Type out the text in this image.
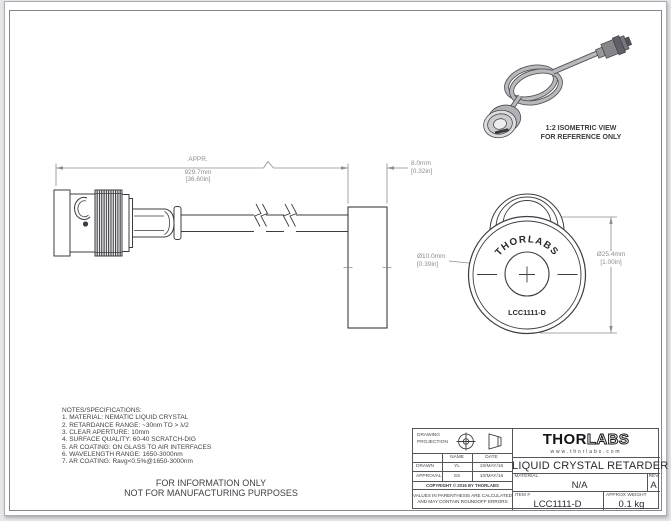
THORLABS
LCC1111-D
APPR.
929.7mm
[36.60in]
8.0mm
[0.32in]
Ø10.0mm
[0.39in]
Ø25.4mm
[1.00in]
1:2 ISOMETRIC VIEW
FOR REFERENCE ONLY
NOTES/SPECIFICATIONS:
1. MATERIAL: NEMATIC LIQUID CRYSTAL
2. RETARDANCE RANGE: ~30nm TO > λ/2
3. CLEAR APERTURE: 10mm
4. SURFACE QUALITY: 60-40 SCRATCH-DIG
5. AR COATING: ON GLASS TO AIR INTERFACES
6. WAVELENGTH RANGE: 1650-3000nm
7. AR COATING: Ravg<0.5%@1650-3000nm
FOR INFORMATION ONLY
NOT FOR MANUFACTURING PURPOSES
DRAWING
PROJECTION
NAME	DATE
DRAWN	YL	10/MAY/16
APPROVAL	SS	10/MAY/16
COPYRIGHT © 2016 BY THORLABS
VALUES IN PARENTHESIS ARE CALCULATED
AND MAY CONTAIN ROUNDOFF ERRORS
THORLABS
www.thorlabs.com
LIQUID CRYSTAL RETARDER
MATERIAL
N/A
REV
A
ITEM #
LCC1111-D
APPROX WEIGHT
0.1 kg
